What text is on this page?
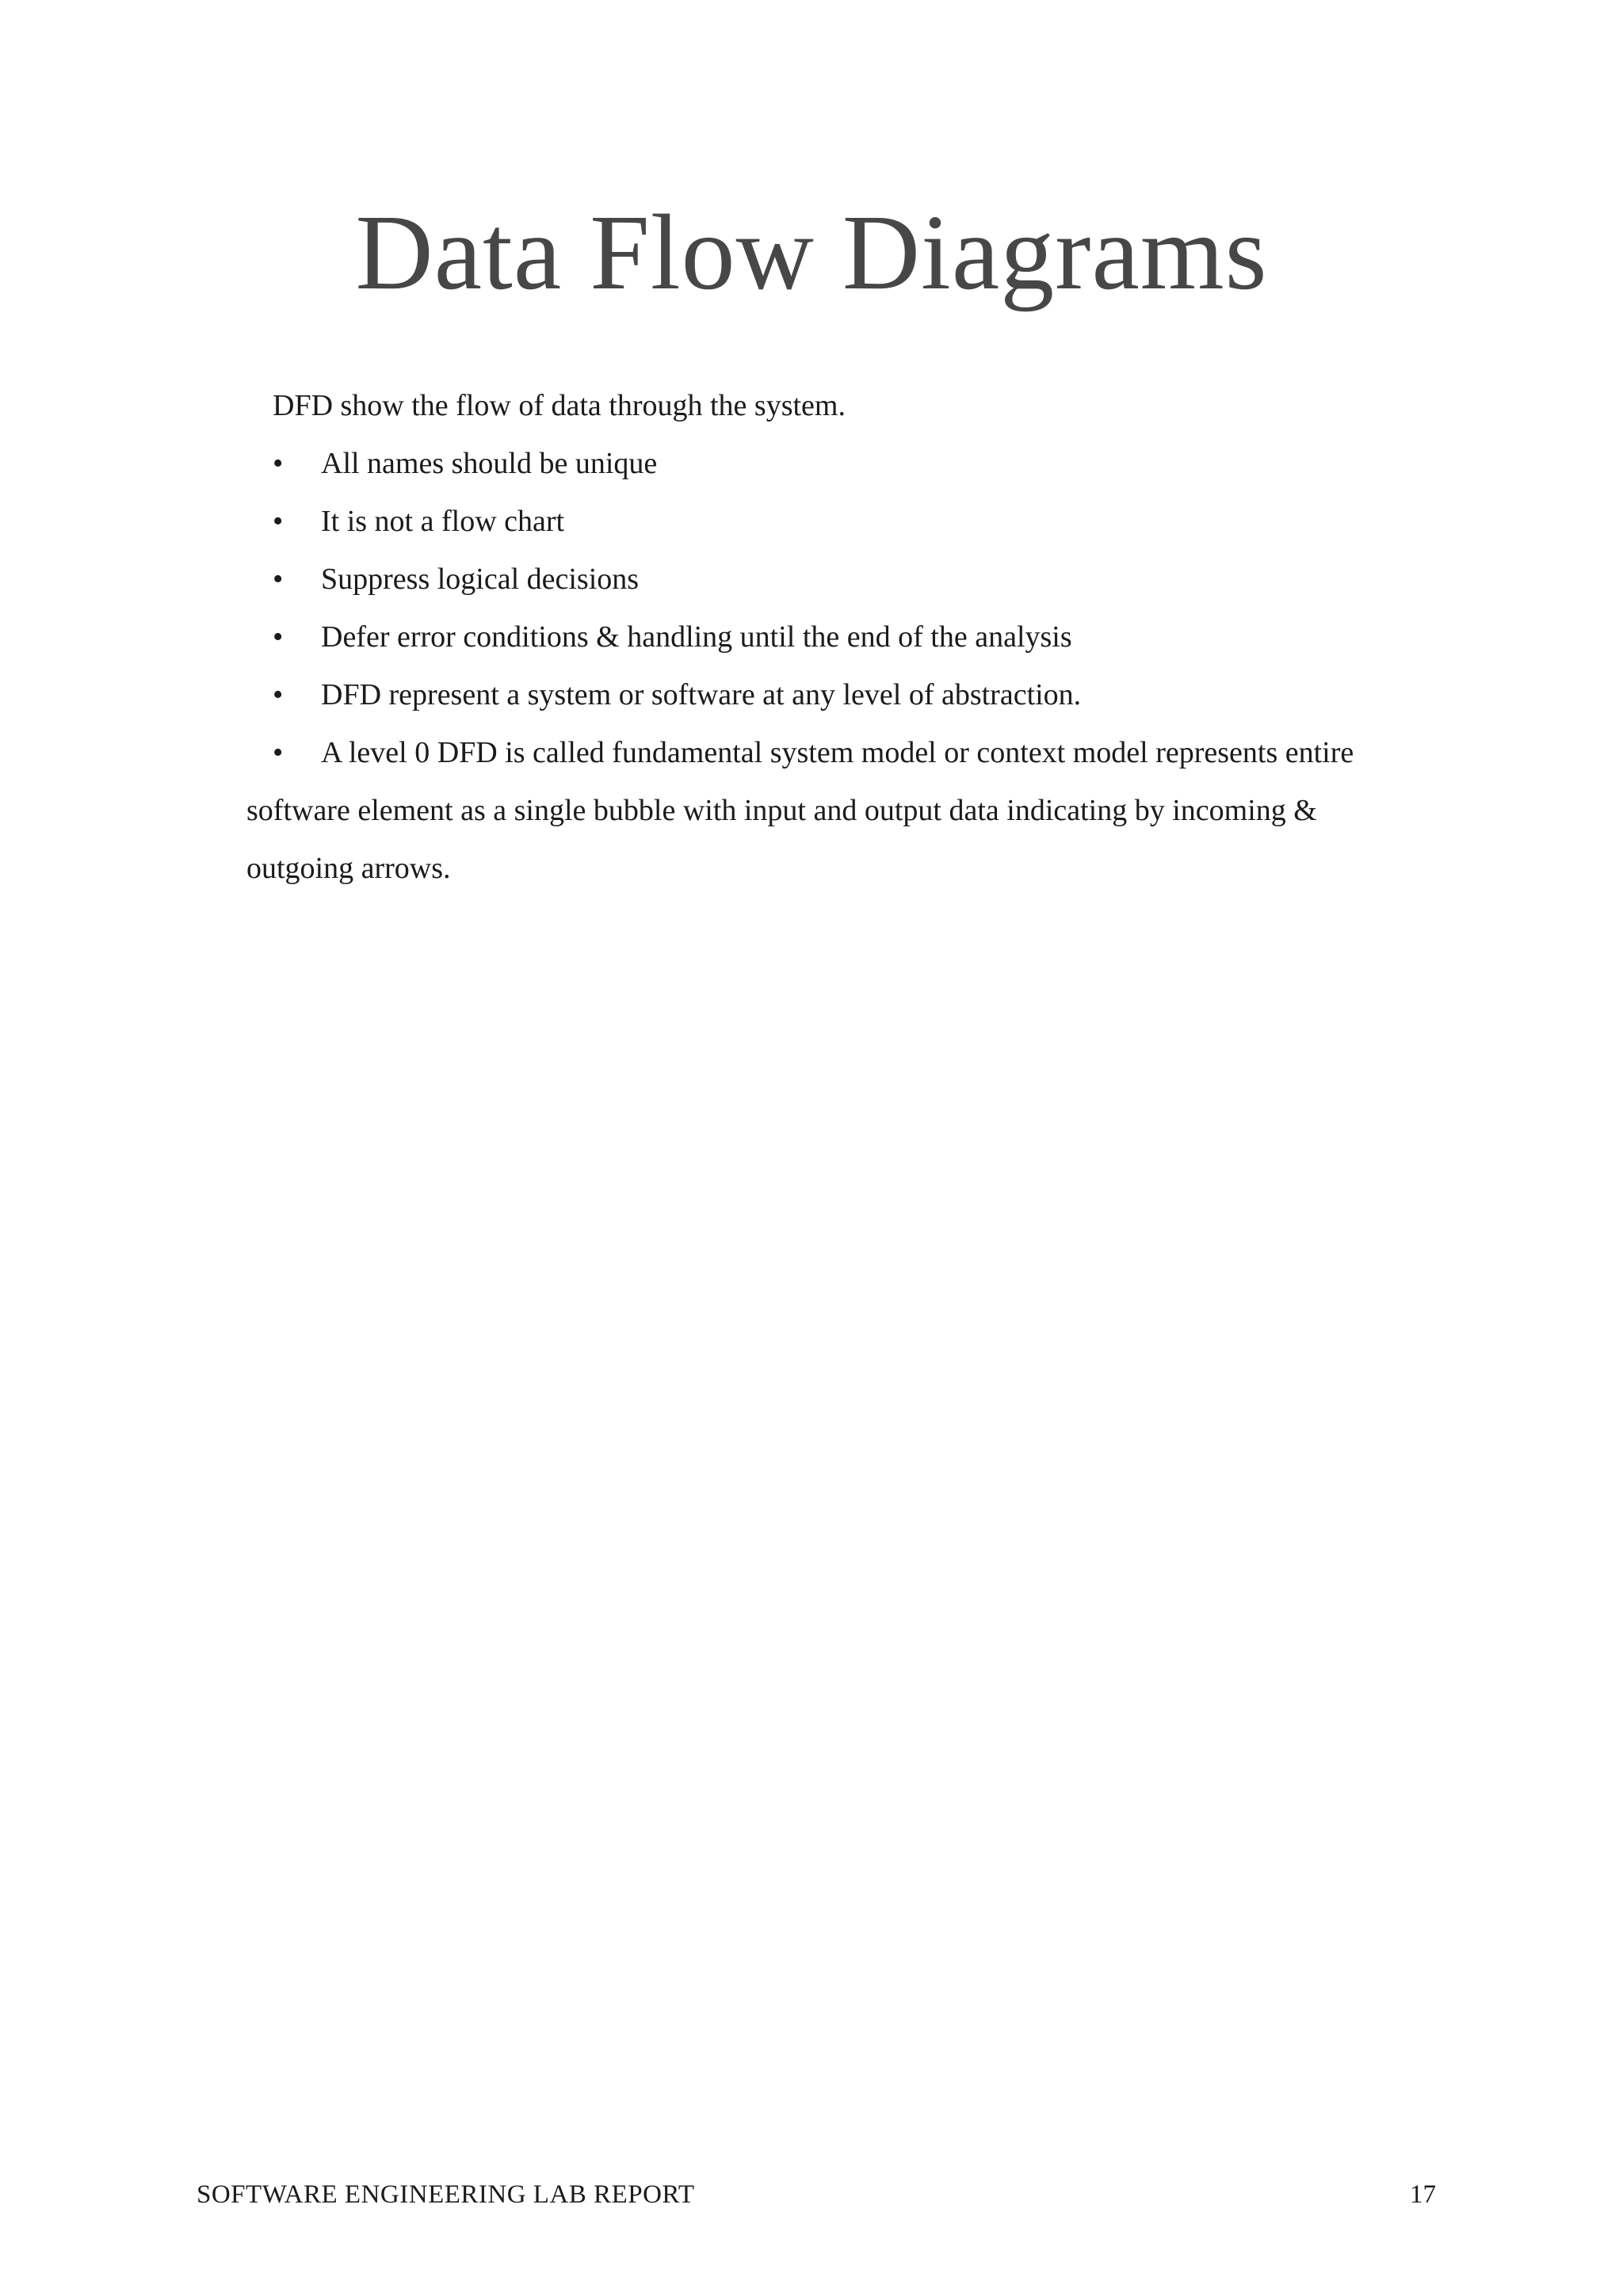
Data Flow Diagrams

DFD show the flow of data through the system.

• All names should be unique
• It is not a flow chart
• Suppress logical decisions
• Defer error conditions & handling until the end of the analysis
• DFD represent a system or software at any level of abstraction.
• A level 0 DFD is called fundamental system model or context model represents entire software element as a single bubble with input and output data indicating by incoming & outgoing arrows.
SOFTWARE ENGINEERING LAB REPORT	17
